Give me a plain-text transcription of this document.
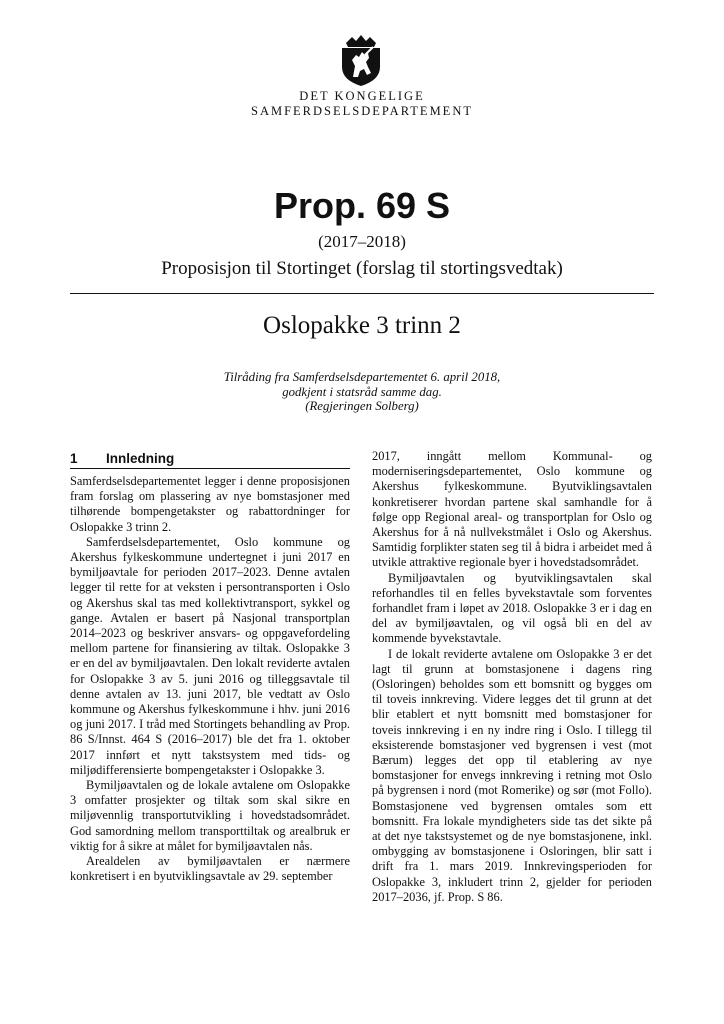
DET KONGELIGE
SAMFERDSELSDEPARTEMENT
Prop. 69 S
(2017–2018)
Proposisjon til Stortinget (forslag til stortingsvedtak)
Oslopakke 3 trinn 2
Tilråding fra Samferdselsdepartementet 6. april 2018,
godkjent i statsråd samme dag.
(Regjeringen Solberg)
1	Innledning

Samferdselsdepartementet legger i denne proposisjonen fram forslag om plassering av nye bomstasjoner med tilhørende bompengetakster og rabattordninger for Oslopakke 3 trinn 2.

Samferdselsdepartementet, Oslo kommune og Akershus fylkeskommune undertegnet i juni 2017 en bymiljøavtale for perioden 2017–2023. Denne avtalen legger til rette for at veksten i persontransporten i Oslo og Akershus skal tas med kollektivtransport, sykkel og gange. Avtalen er basert på Nasjonal transportplan 2014–2023 og beskriver ansvars- og oppgavefordeling mellom partene for finansiering av tiltak. Oslopakke 3 er en del av bymiljøavtalen. Den lokalt reviderte avtalen for Oslopakke 3 av 5. juni 2016 og tilleggsavtale til denne avtalen av 13. juni 2017, ble vedtatt av Oslo kommune og Akershus fylkeskommune i hhv. juni 2016 og juni 2017. I tråd med Stortingets behandling av Prop. 86 S/Innst. 464 S (2016–2017) ble det fra 1. oktober 2017 innført et nytt takstsystem med tids- og miljødifferensierte bompengetakster i Oslopakke 3.

Bymiljøavtalen og de lokale avtalene om Oslopakke 3 omfatter prosjekter og tiltak som skal sikre en miljøvennlig transportutvikling i hovedstadsområdet. God samordning mellom transporttiltak og arealbruk er viktig for å sikre at målet for bymiljøavtalen nås.

Arealdelen av bymiljøavtalen er nærmere konkretisert i en byutviklingsavtale av 29. september

2017, inngått mellom Kommunal- og moderniseringsdepartementet, Oslo kommune og Akershus fylkeskommune. Byutviklingsavtalen konkretiserer hvordan partene skal samhandle for å følge opp Regional areal- og transportplan for Oslo og Akershus for å nå nullvekstmålet i Oslo og Akershus. Samtidig forplikter staten seg til å bidra i arbeidet med å utvikle attraktive regionale byer i hovedstadsområdet.

Bymiljøavtalen og byutviklingsavtalen skal reforhandles til en felles byvekstavtale som forventes forhandlet fram i løpet av 2018. Oslopakke 3 er i dag en del av bymiljøavtalen, og vil også bli en del av kommende byvekstavtale.

I de lokalt reviderte avtalene om Oslopakke 3 er det lagt til grunn at bomstasjonene i dagens ring (Osloringen) beholdes som ett bomsnitt og bygges om til toveis innkreving. Videre legges det til grunn at det blir etablert et nytt bomsnitt med bomstasjoner for toveis innkreving i en ny indre ring i Oslo. I tillegg til eksisterende bomstasjoner ved bygrensen i vest (mot Bærum) legges det opp til etablering av nye bomstasjoner for envegs innkreving i retning mot Oslo på bygrensen i nord (mot Romerike) og sør (mot Follo). Bomstasjonene ved bygrensen omtales som ett bomsnitt. Fra lokale myndigheters side tas det sikte på at det nye takstsystemet og de nye bomstasjonene, inkl. ombygging av bomstasjonene i Osloringen, blir satt i drift fra 1. mars 2019. Innkrevingsperioden for Oslopakke 3, inkludert trinn 2, gjelder for perioden 2017–2036, jf. Prop. S 86.
